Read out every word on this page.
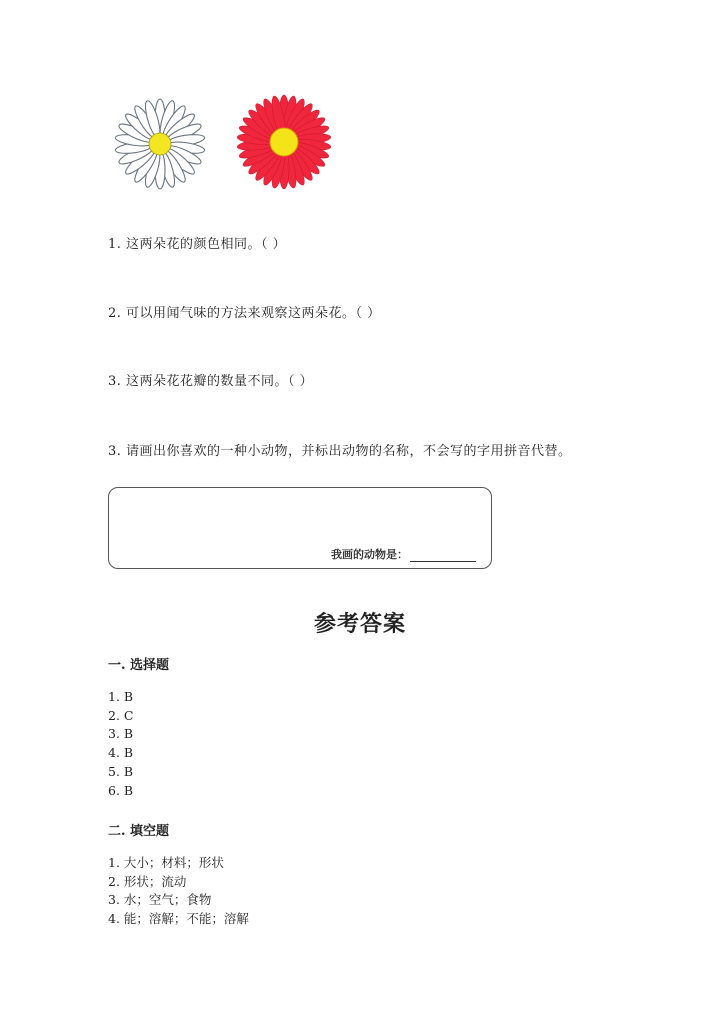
1. 这两朵花的颜色相同。（ ）
2. 可以用闻气味的方法来观察这两朵花。（ ）
3. 这两朵花花瓣的数量不同。（ ）
3. 请画出你喜欢的一种小动物，并标出动物的名称，不会写的字用拼音代替。
我画的动物是：
参考答案
一. 选择题
1. B
2. C
3. B
4. B
5. B
6. B
二. 填空题
1. 大小；材料；形状
2. 形状；流动
3. 水；空气；食物
4. 能；溶解；不能；溶解
